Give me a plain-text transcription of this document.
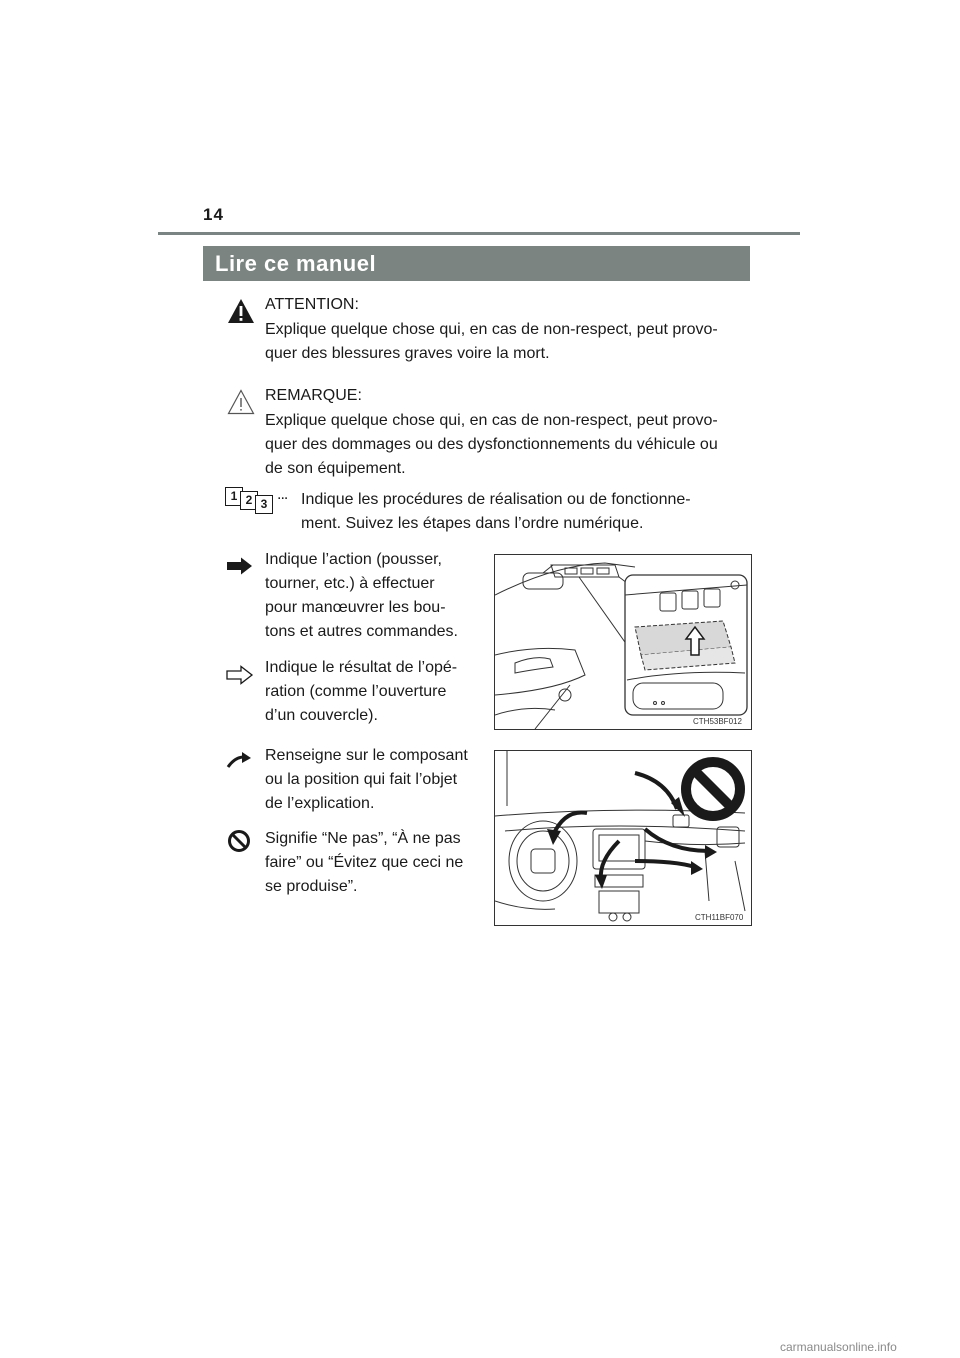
14
Lire ce manuel
ATTENTION:
Explique quelque chose qui, en cas de non-respect, peut provo-
quer des blessures graves voire la mort.
REMARQUE:
Explique quelque chose qui, en cas de non-respect, peut provo-
quer des dommages ou des dysfonctionnements du véhicule ou
de son équipement.
1 2 3
... Indique les procédures de réalisation ou de fonctionne-
ment. Suivez les étapes dans l’ordre numérique.
Indique l’action (pousser,
tourner, etc.) à effectuer
pour manœuvrer les bou-
tons et autres commandes.
Indique le résultat de l’opé-
ration (comme l’ouverture
d’un couvercle).
Renseigne sur le composant
ou la position qui fait l’objet
de l’explication.
Signifie “Ne pas”, “À ne pas
faire” ou “Évitez que ceci ne
se produise”.
CTH53BF012
CTH11BF070
carmanualsonline.info
